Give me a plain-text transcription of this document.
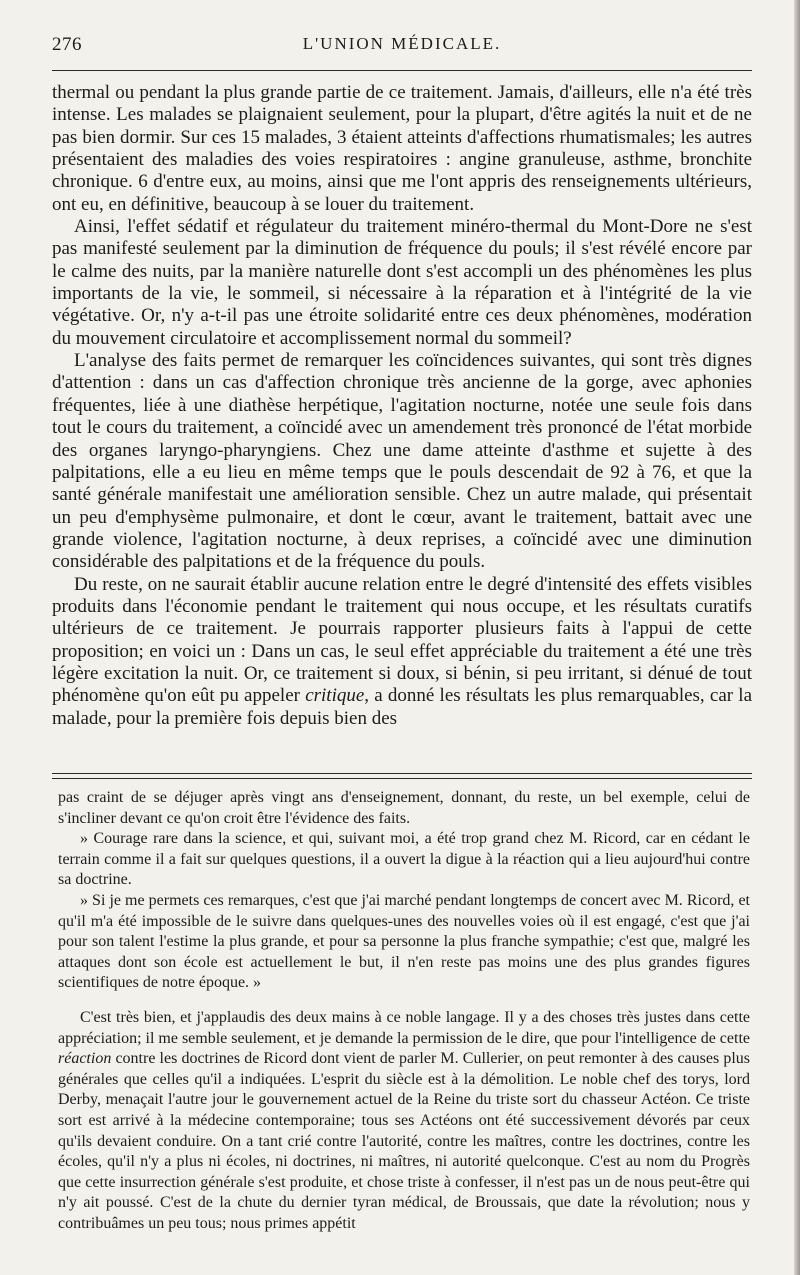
276	L'UNION MÉDICALE.

thermal ou pendant la plus grande partie de ce traitement. Jamais, d'ailleurs, elle n'a été très intense. Les malades se plaignaient seulement, pour la plupart, d'être agités la nuit et de ne pas bien dormir. Sur ces 15 malades, 3 étaient atteints d'affections rhumatismales; les autres présentaient des maladies des voies respiratoires : angine granuleuse, asthme, bronchite chronique. 6 d'entre eux, au moins, ainsi que me l'ont appris des renseignements ultérieurs, ont eu, en définitive, beaucoup à se louer du traitement.

Ainsi, l'effet sédatif et régulateur du traitement minéro-thermal du Mont-Dore ne s'est pas manifesté seulement par la diminution de fréquence du pouls; il s'est révélé encore par le calme des nuits, par la manière naturelle dont s'est accompli un des phénomènes les plus importants de la vie, le sommeil, si nécessaire à la réparation et à l'intégrité de la vie végétative. Or, n'y a-t-il pas une étroite solidarité entre ces deux phénomènes, modération du mouvement circulatoire et accomplissement normal du sommeil?

L'analyse des faits permet de remarquer les coïncidences suivantes, qui sont très dignes d'attention : dans un cas d'affection chronique très ancienne de la gorge, avec aphonies fréquentes, liée à une diathèse herpétique, l'agitation nocturne, notée une seule fois dans tout le cours du traitement, a coïncidé avec un amendement très prononcé de l'état morbide des organes laryngo-pharyngiens. Chez une dame atteinte d'asthme et sujette à des palpitations, elle a eu lieu en même temps que le pouls descendait de 92 à 76, et que la santé générale manifestait une amélioration sensible. Chez un autre malade, qui présentait un peu d'emphysème pulmonaire, et dont le cœur, avant le traitement, battait avec une grande violence, l'agitation nocturne, à deux reprises, a coïncidé avec une diminution considérable des palpitations et de la fréquence du pouls.

Du reste, on ne saurait établir aucune relation entre le degré d'intensité des effets visibles produits dans l'économie pendant le traitement qui nous occupe, et les résultats curatifs ultérieurs de ce traitement. Je pourrais rapporter plusieurs faits à l'appui de cette proposition; en voici un : Dans un cas, le seul effet appréciable du traitement a été une très légère excitation la nuit. Or, ce traitement si doux, si bénin, si peu irritant, si dénué de tout phénomène qu'on eût pu appeler critique, a donné les résultats les plus remarquables, car la malade, pour la première fois depuis bien des

pas craint de se déjuger après vingt ans d'enseignement, donnant, du reste, un bel exemple, celui de s'incliner devant ce qu'on croit être l'évidence des faits.

» Courage rare dans la science, et qui, suivant moi, a été trop grand chez M. Ricord, car en cédant le terrain comme il a fait sur quelques questions, il a ouvert la digue à la réaction qui a lieu aujourd'hui contre sa doctrine.

» Si je me permets ces remarques, c'est que j'ai marché pendant longtemps de concert avec M. Ricord, et qu'il m'a été impossible de le suivre dans quelques-unes des nouvelles voies où il est engagé, c'est que j'ai pour son talent l'estime la plus grande, et pour sa personne la plus franche sympathie; c'est que, malgré les attaques dont son école est actuellement le but, il n'en reste pas moins une des plus grandes figures scientifiques de notre époque. »

C'est très bien, et j'applaudis des deux mains à ce noble langage. Il y a des choses très justes dans cette appréciation; il me semble seulement, et je demande la permission de le dire, que pour l'intelligence de cette réaction contre les doctrines de Ricord dont vient de parler M. Cullerier, on peut remonter à des causes plus générales que celles qu'il a indiquées. L'esprit du siècle est à la démolition. Le noble chef des torys, lord Derby, menaçait l'autre jour le gouvernement actuel de la Reine du triste sort du chasseur Actéon. Ce triste sort est arrivé à la médecine contemporaine; tous ses Actéons ont été successivement dévorés par ceux qu'ils devaient conduire. On a tant crié contre l'autorité, contre les maîtres, contre les doctrines, contre les écoles, qu'il n'y a plus ni écoles, ni doctrines, ni maîtres, ni autorité quelconque. C'est au nom du Progrès que cette insurrection générale s'est produite, et chose triste à confesser, il n'est pas un de nous peut-être qui n'y ait poussé. C'est de la chute du dernier tyran médical, de Broussais, que date la révolution; nous y contribuâmes un peu tous; nous primes appétit
